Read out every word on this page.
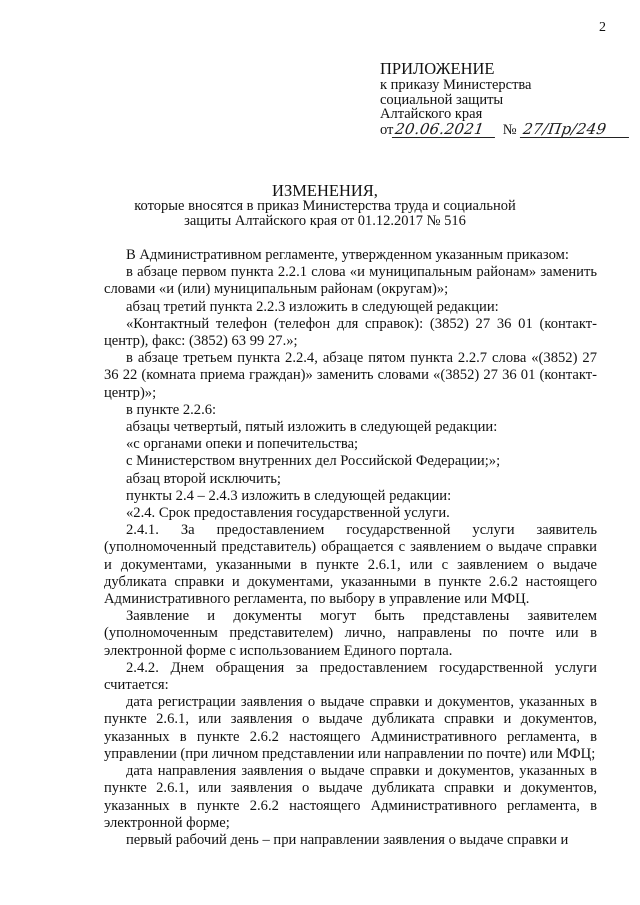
2
ПРИЛОЖЕНИЕ
к приказу Министерства
социальной защиты
Алтайского края
от 20.06.2021	№ 27/Пр/249
ИЗМЕНЕНИЯ,
которые вносятся в приказ Министерства труда и социальной
защиты Алтайского края от 01.12.2017 № 516

В Административном регламенте, утвержденном указанным приказом:

в абзаце первом пункта 2.2.1 слова «и муниципальным районам» заменить словами «и (или) муниципальным районам (округам)»;

абзац третий пункта 2.2.3 изложить в следующей редакции:

«Контактный телефон (телефон для справок): (3852) 27 36 01 (контакт-центр), факс: (3852) 63 99 27.»;

в абзаце третьем пункта 2.2.4, абзаце пятом пункта 2.2.7 слова «(3852) 27 36 22 (комната приема граждан)» заменить словами «(3852) 27 36 01 (контакт-центр)»;

в пункте 2.2.6:

абзацы четвертый, пятый изложить в следующей редакции:

«с органами опеки и попечительства;

с Министерством внутренних дел Российской Федерации;»;

абзац второй исключить;

пункты 2.4 – 2.4.3 изложить в следующей редакции:

«2.4. Срок предоставления государственной услуги.

2.4.1. За предоставлением государственной услуги заявитель (уполномоченный представитель) обращается с заявлением о выдаче справки и документами, указанными в пункте 2.6.1, или с заявлением о выдаче дубликата справки и документами, указанными в пункте 2.6.2 настоящего Административного регламента, по выбору в управление или МФЦ.

Заявление и документы могут быть представлены заявителем (уполномоченным представителем) лично, направлены по почте или в электронной форме с использованием Единого портала.

2.4.2. Днем обращения за предоставлением государственной услуги считается:

дата регистрации заявления о выдаче справки и документов, указанных в пункте 2.6.1, или заявления о выдаче дубликата справки и документов, указанных в пункте 2.6.2 настоящего Административного регламента, в управлении (при личном представлении или направлении по почте) или МФЦ;

дата направления заявления о выдаче справки и документов, указанных в пункте 2.6.1, или заявления о выдаче дубликата справки и документов, указанных в пункте 2.6.2 настоящего Административного регламента, в электронной форме;

первый рабочий день – при направлении заявления о выдаче справки и
